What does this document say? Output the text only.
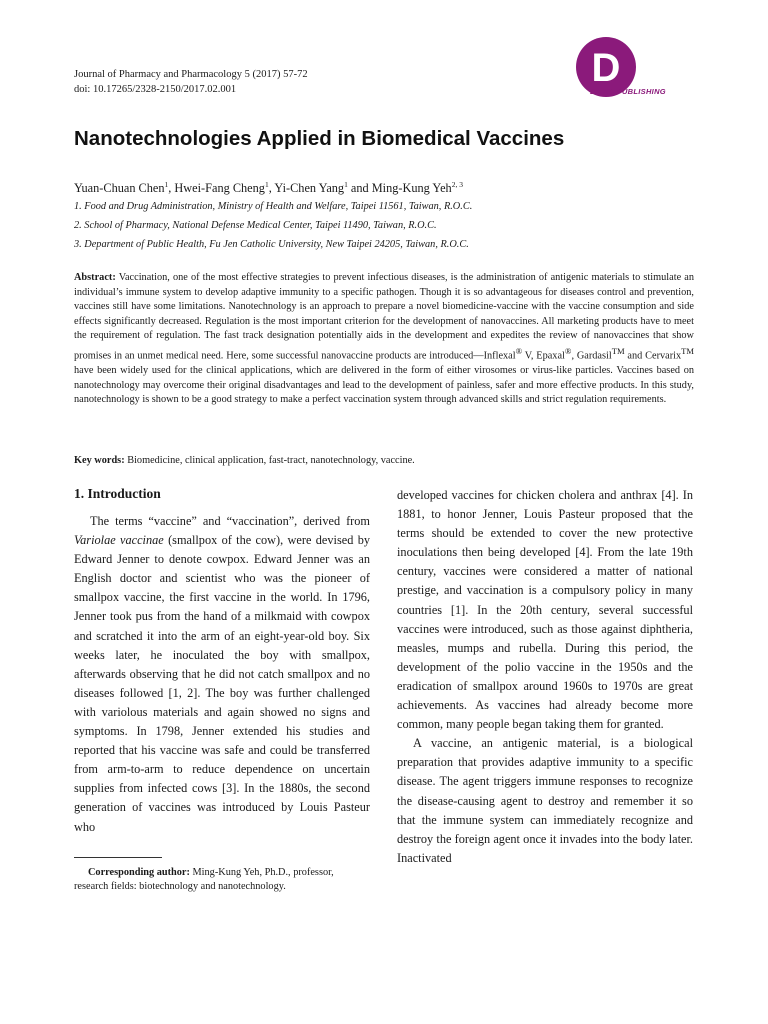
Journal of Pharmacy and Pharmacology 5 (2017) 57-72
doi: 10.17265/2328-2150/2017.02.001	D
DAVID PUBLISHING
Nanotechnologies Applied in Biomedical Vaccines
Yuan-Chuan Chen$^1$, Hwei-Fang Cheng$^1$, Yi-Chen Yang$^1$ and Ming-Kung Yeh$^{2, 3}$
1. Food and Drug Administration, Ministry of Health and Welfare, Taipei 11561, Taiwan, R.O.C.
2. School of Pharmacy, National Defense Medical Center, Taipei 11490, Taiwan, R.O.C.
3. Department of Public Health, Fu Jen Catholic University, New Taipei 24205, Taiwan, R.O.C.

Abstract: Vaccination, one of the most effective strategies to prevent infectious diseases, is the administration of antigenic materials to stimulate an individual’s immune system to develop adaptive immunity to a specific pathogen. Though it is so advantageous for diseases control and prevention, vaccines still have some limitations. Nanotechnology is an approach to prepare a novel biomedicine-vaccine with the vaccine consumption and side effects significantly decreased. Regulation is the most important criterion for the development of nanovaccines. All marketing products have to meet the requirement of regulation. The fast track designation potentially aids in the development and expedites the review of nanovaccines that show promises in an unmet medical need. Here, some successful nanovaccine products are introduced—Inflexal® V, Epaxal®, Gardasil™ and Cervarix™ have been widely used for the clinical applications, which are delivered in the form of either virosomes or virus-like particles. Vaccines based on nanotechnology may overcome their original disadvantages and lead to the development of painless, safer and more effective products. In this study, nanotechnology is shown to be a good strategy to make a perfect vaccination system through advanced skills and strict regulation requirements.

Key words: Biomedicine, clinical application, fast-tract, nanotechnology, vaccine.
1. Introduction

The terms “vaccine” and “vaccination”, derived from Variolae vaccinae (smallpox of the cow), were devised by Edward Jenner to denote cowpox. Edward Jenner was an English doctor and scientist who was the pioneer of smallpox vaccine, the first vaccine in the world. In 1796, Jenner took pus from the hand of a milkmaid with cowpox and scratched it into the arm of an eight-year-old boy. Six weeks later, he inoculated the boy with smallpox, afterwards observing that he did not catch smallpox and no diseases followed [1, 2]. The boy was further challenged with variolous materials and again showed no signs and symptoms. In 1798, Jenner extended his studies and reported that his vaccine was safe and could be transferred from arm-to-arm to reduce dependence on uncertain supplies from infected cows [3]. In the 1880s, the second generation of vaccines was introduced by Louis Pasteur who

developed vaccines for chicken cholera and anthrax [4]. In 1881, to honor Jenner, Louis Pasteur proposed that the terms should be extended to cover the new protective inoculations then being developed [4]. From the late 19th century, vaccines were considered a matter of national prestige, and vaccination is a compulsory policy in many countries [1]. In the 20th century, several successful vaccines were introduced, such as those against diphtheria, measles, mumps and rubella. During this period, the development of the polio vaccine in the 1950s and the eradication of smallpox around 1960s to 1970s are great achievements. As vaccines had already become more common, many people began taking them for granted.

A vaccine, an antigenic material, is a biological preparation that provides adaptive immunity to a specific disease. The agent triggers immune responses to recognize the disease-causing agent to destroy and remember it so that the immune system can immediately recognize and destroy the foreign agent once it invades into the body later. Inactivated

Corresponding author: Ming-Kung Yeh, Ph.D., professor, research fields: biotechnology and nanotechnology.
